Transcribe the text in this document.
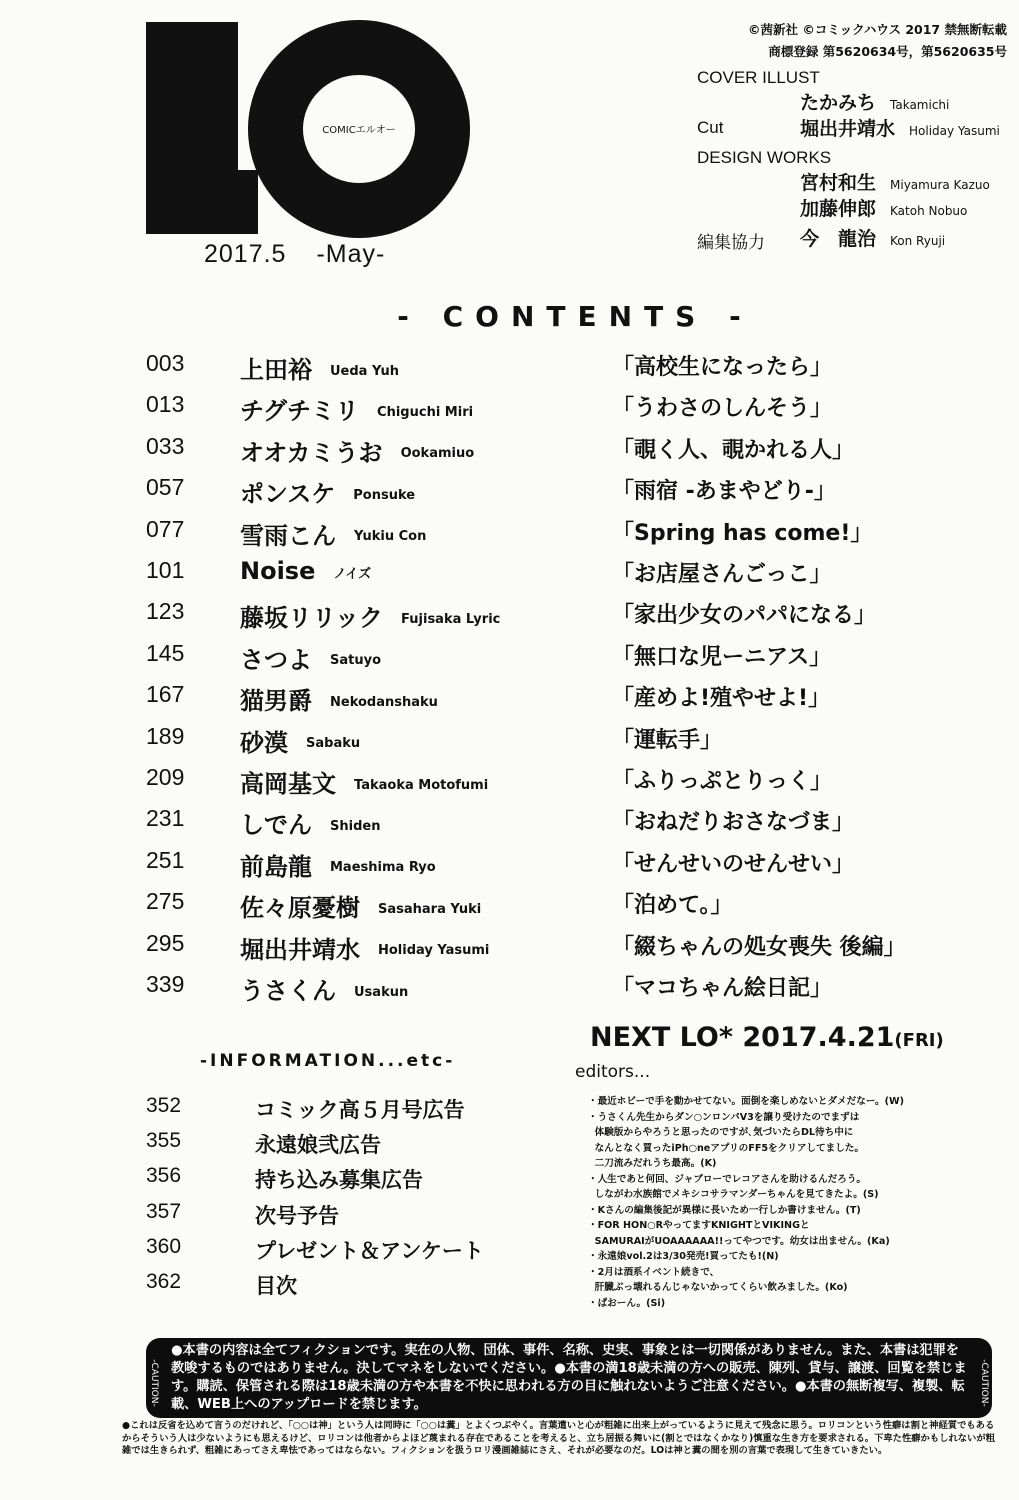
COMICエルオー
2017.5 -May-
©茜新社 ©コミックハウス 2017 禁無断転載
商標登録 第5620634号，第5620635号
COVER ILLUST
たかみち Takamichi
Cut	堀出井靖水 Holiday Yasumi
DESIGN WORKS
宮村和生 Miyamura Kazuo
加藤伸郎 Katoh Nobuo
編集協力 今　龍治 Kon Ryuji
- CONTENTS -
003 上田裕 Ueda Yuh	「高校生になったら」
013 チグチミリ Chiguchi Miri	「うわさのしんそう」
033 オオカミうお Ookamiuo	「覗く人、覗かれる人」
057 ポンスケ Ponsuke	「雨宿 -あまやどり-」
077 雪雨こん Yukiu Con	「Spring has come!」
101 Noise ノイズ	「お店屋さんごっこ」
123 藤坂リリック Fujisaka Lyric	「家出少女のパパになる」
145 さつよ Satuyo	「無口な児ーニアス」
167 猫男爵 Nekodanshaku	「産めよ!殖やせよ!」
189 砂漠 Sabaku	「運転手」
209 高岡基文 Takaoka Motofumi	「ふりっぷとりっく」
231 しでん Shiden	「おねだりおさなづま」
251 前島龍 Maeshima Ryo	「せんせいのせんせい」
275 佐々原憂樹 Sasahara Yuki	「泊めて。」
295 堀出井靖水 Holiday Yasumi	「綴ちゃんの処女喪失 後編」
339 うさくん Usakun	「マコちゃん絵日記」
NEXT LO* 2017.4.21(FRI)
-INFORMATION...etc-
352	コミック高５月号広告
355	永遠娘弐広告
356	持ち込み募集広告
357	次号予告
360	プレゼント＆アンケート
362	目次
editors...
・最近ホビーで手を動かせてない。面倒を楽しめないとダメだなー。(W)
・うさくん先生からダン○ンロンパV3を譲り受けたのでまずは
体験版からやろうと思ったのですが､気づいたらDL待ち中に
なんとなく買ったiPh○neアプリのFF5をクリアしてました。
二刀流みだれうち最高。(K)
・人生であと何回、ジャブローでレコアさんを助けるんだろう。
しながわ水族館でメキシコサラマンダーちゃんを見てきたよ。(S)
・Kさんの編集後記が異様に長いため一行しか書けません。(T)
・FOR HON○RやってますKNIGHTとVIKINGと
SAMURAIがUOAAAAAA!!ってやつです。幼女は出ません。(Ka)
・永遠娘vol.2は3/30発売!買ってたも!(N)
・2月は酒系イベント続きで、
肝臓ぶっ壊れるんじゃないかってくらい飲みました。(Ko)
・ぱおーん。(Si)
-CAUTION-
●本書の内容は全てフィクションです。実在の人物、団体、事件、名称、史実、事象とは一切関係がありません。また、本書は犯罪を教唆するものではありません。決してマネをしないでください。●本書の満18歳未満の方への販売、陳列、貸与、譲渡、回覧を禁じます。購読、保管される際は18歳未満の方や本書を不快に思われる方の目に触れないようご注意ください。●本書の無断複写、複製、転載、WEB上へのアップロードを禁じます。	-CAUTION-
●これは反省を込めて言うのだけれど、「○○は神」という人は同時に「○○は糞」とよくつぶやく。言葉遣いと心が粗雑に出来上がっているように見えて残念に思う。ロリコンという性癖は割と神経質でもあるからそういう人は少ないようにも思えるけど、ロリコンは他者からよほど蔑まれる存在であることを考えると、立ち居振る舞いに(割とではなくかなり)慎重な生き方を要求される。下卑た性癖かもしれないが粗雑では生きられず、粗雑にあってさえ卑怯であってはならない。フィクションを扱うロリ漫画雑誌にさえ、それが必要なのだ。LOは神と糞の間を別の言葉で表現して生きていきたい。
